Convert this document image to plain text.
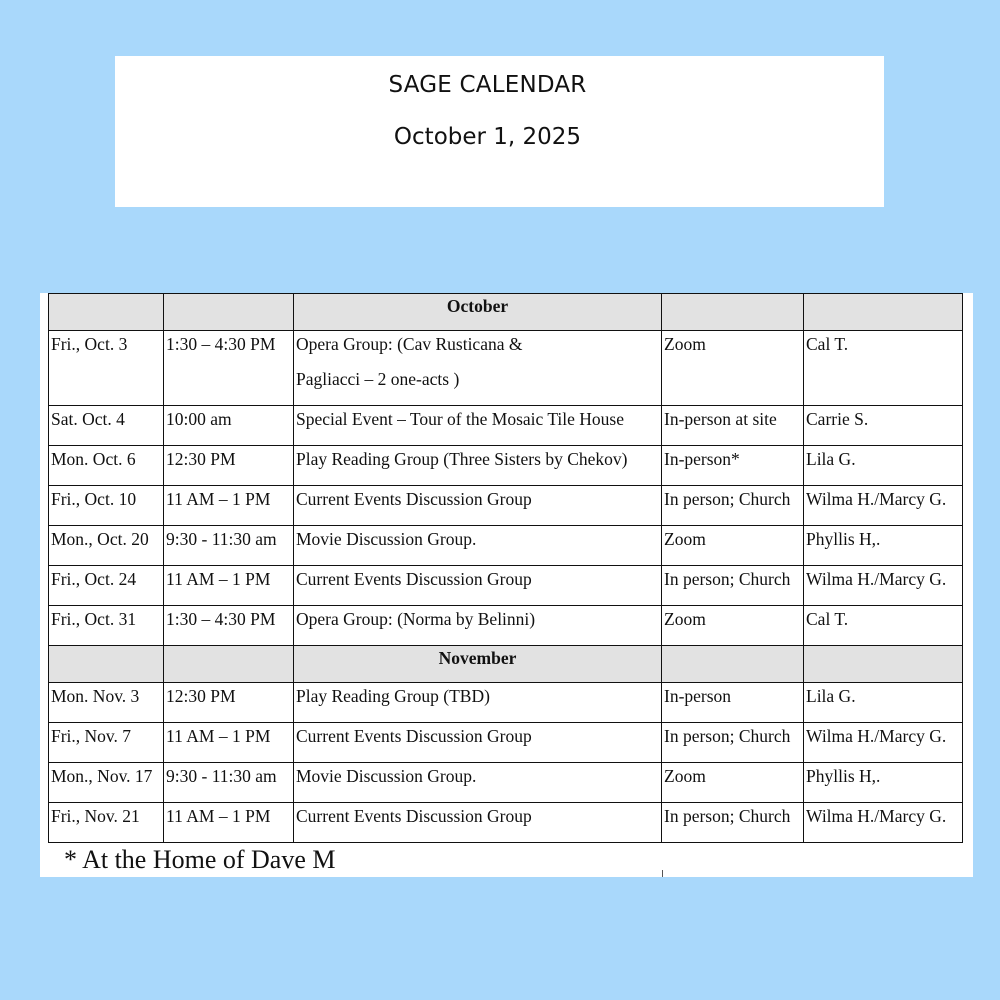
SAGE CALENDAR
October 1, 2025
		October		
Fri., Oct. 3	1:30 – 4:30 PM	Opera Group: (Cav Rusticana &
Pagliacci – 2 one-acts )	Zoom	Cal T.
Sat. Oct. 4	10:00 am	Special Event – Tour of the Mosaic Tile House	In-person at site	Carrie S.
Mon. Oct. 6	12:30 PM	Play Reading Group (Three Sisters by Chekov)	In-person*	Lila G.
Fri., Oct. 10	11 AM – 1 PM	Current Events Discussion Group	In person; Church	Wilma H./Marcy G.
Mon., Oct. 20	9:30 - 11:30 am	Movie Discussion Group.	Zoom	Phyllis H,.
Fri., Oct. 24	11 AM – 1 PM	Current Events Discussion Group	In person; Church	Wilma H./Marcy G.
Fri., Oct. 31	1:30 – 4:30 PM	Opera Group: (Norma by Belinni)	Zoom	Cal T.
		November		
Mon. Nov. 3	12:30 PM	Play Reading Group (TBD)	In-person	Lila G.
Fri., Nov. 7	11 AM – 1 PM	Current Events Discussion Group	In person; Church	Wilma H./Marcy G.
Mon., Nov. 17	9:30 - 11:30 am	Movie Discussion Group.	Zoom	Phyllis H,.
Fri., Nov. 21	11 AM – 1 PM	Current Events Discussion Group	In person; Church	Wilma H./Marcy G.
* At the Home of Dave M
